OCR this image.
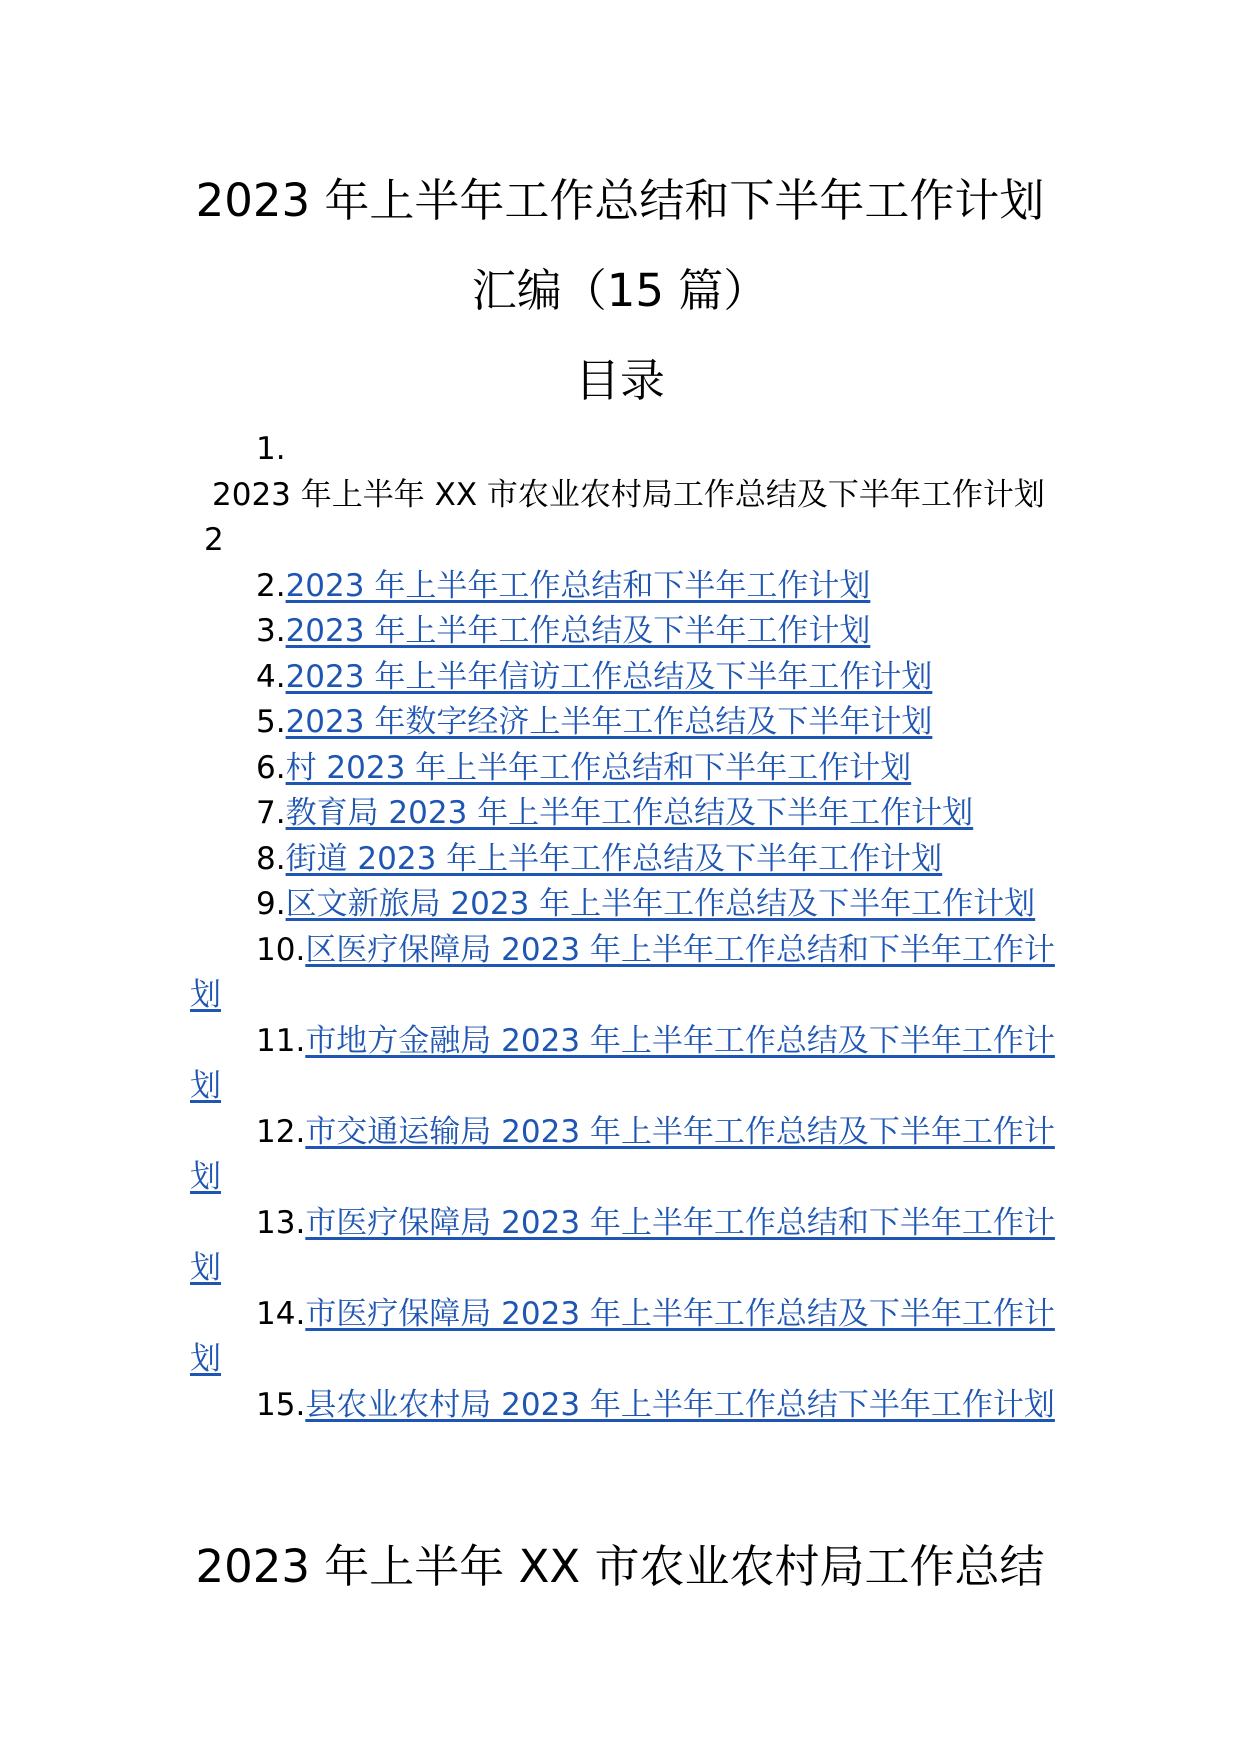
2023 年上半年工作总结和下半年工作计划
汇编（15 篇）
目录
1.
2023 年上半年 XX 市农业农村局工作总结及下半年工作计划2
2.2023 年上半年工作总结和下半年工作计划
3.2023 年上半年工作总结及下半年工作计划
4.2023 年上半年信访工作总结及下半年工作计划
5.2023 年数字经济上半年工作总结及下半年计划
6.村 2023 年上半年工作总结和下半年工作计划
7.教育局 2023 年上半年工作总结及下半年工作计划
8.街道 2023 年上半年工作总结及下半年工作计划
9.区文新旅局 2023 年上半年工作总结及下半年工作计划
10.区医疗保障局 2023 年上半年工作总结和下半年工作计划
11.市地方金融局 2023 年上半年工作总结及下半年工作计划
12.市交通运输局 2023 年上半年工作总结及下半年工作计划
13.市医疗保障局 2023 年上半年工作总结和下半年工作计划
14.市医疗保障局 2023 年上半年工作总结及下半年工作计划
15.县农业农村局 2023 年上半年工作总结下半年工作计划
2023 年上半年 XX 市农业农村局工作总结
